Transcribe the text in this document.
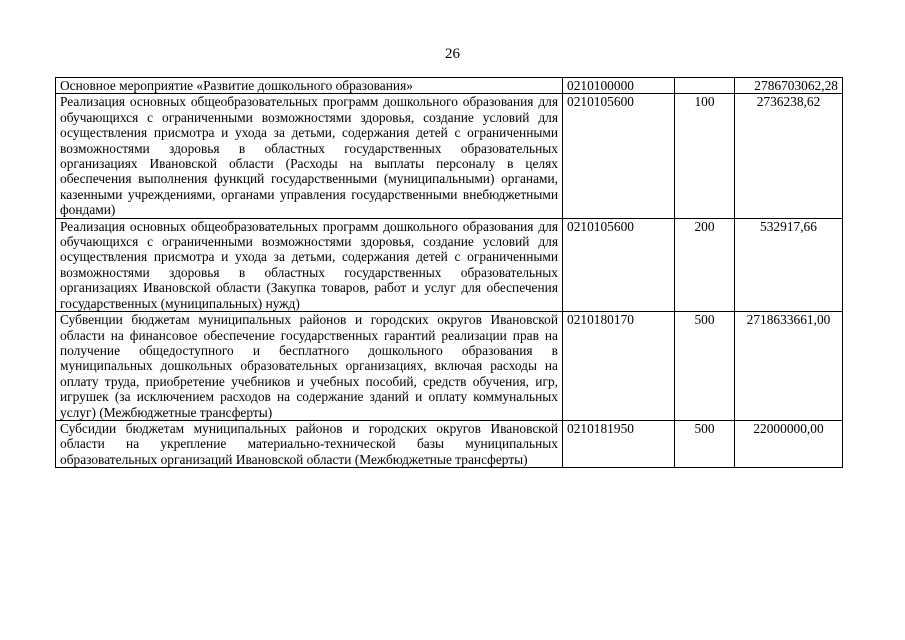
26
Основное мероприятие «Развитие дошкольного образования»	0210100000		2786703062,28
Реализация основных общеобразовательных программ дошкольного образования для обучающихся с ограниченными возможностями здоровья, создание условий для осуществления присмотра и ухода за детьми, содержания детей с ограниченными возможностями здоровья в областных государственных образовательных организациях Ивановской области (Расходы на выплаты персоналу в целях обеспечения выполнения функций государственными (муниципальными) органами, казенными учреждениями, органами управления государственными внебюджетными фондами)	0210105600	100	2736238,62
Реализация основных общеобразовательных программ дошкольного образования для обучающихся с ограниченными возможностями здоровья, создание условий для осуществления присмотра и ухода за детьми, содержания детей с ограниченными возможностями здоровья в областных государственных образовательных организациях Ивановской области (Закупка товаров, работ и услуг для обеспечения государственных (муниципальных) нужд)	0210105600	200	532917,66
Субвенции бюджетам муниципальных районов и городских округов Ивановской области на финансовое обеспечение государственных гарантий реализации прав на получение общедоступного и бесплатного дошкольного образования в муниципальных дошкольных образовательных организациях, включая расходы на оплату труда, приобретение учебников и учебных пособий, средств обучения, игр, игрушек (за исключением расходов на содержание зданий и оплату коммунальных услуг) (Межбюджетные трансферты)	0210180170	500	2718633661,00
Субсидии бюджетам муниципальных районов и городских округов Ивановской области на укрепление материально-технической базы муниципальных образовательных организаций Ивановской области (Межбюджетные трансферты)	0210181950	500	22000000,00
